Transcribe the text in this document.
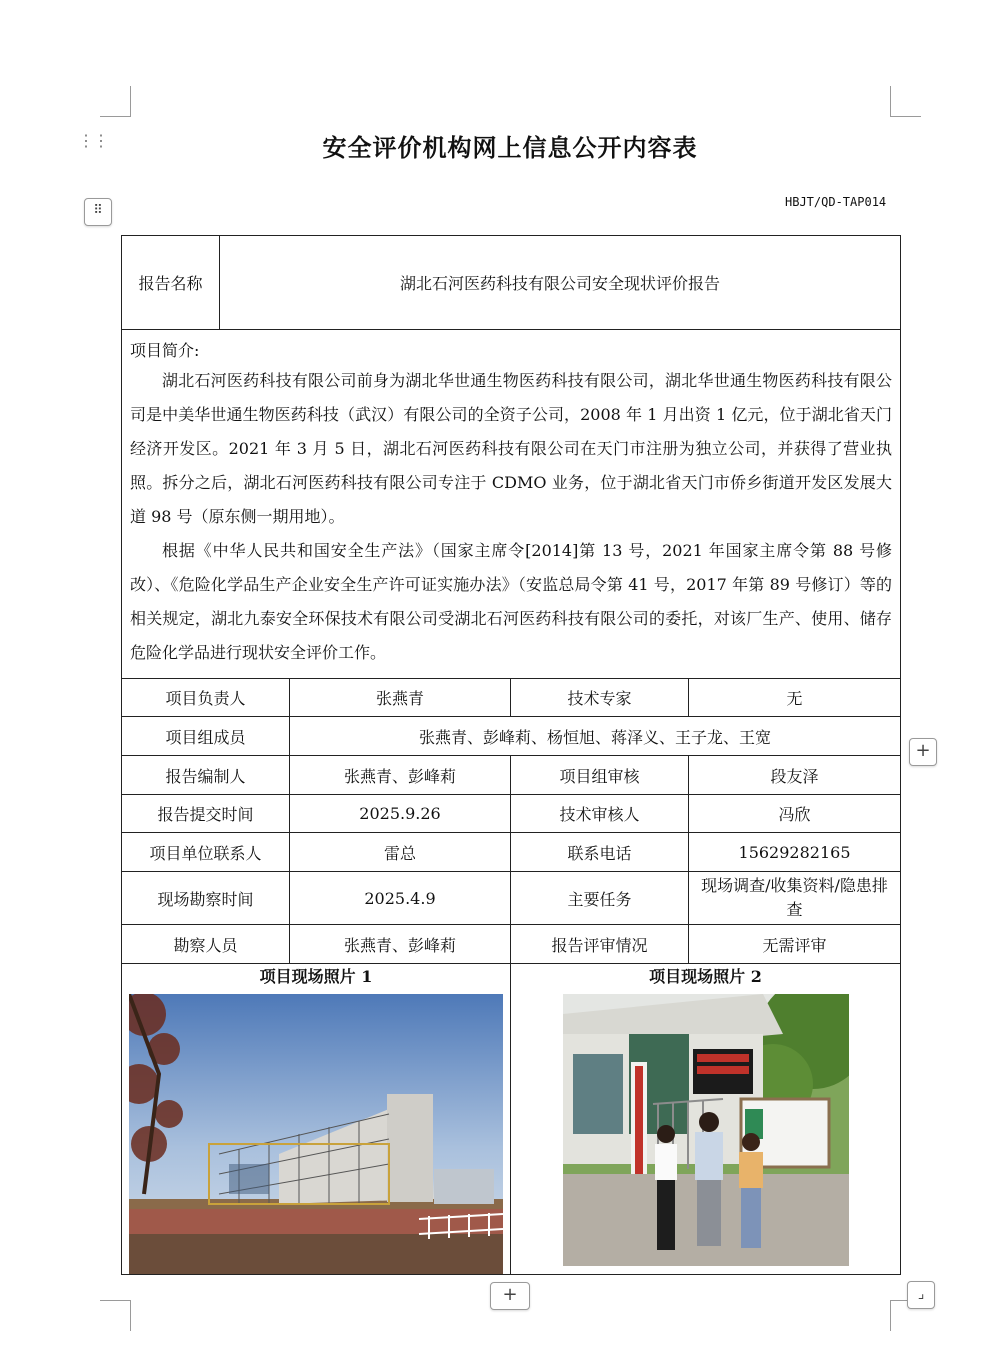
⋮⋮
⠿
+
+	⌟
安全评价机构网上信息公开内容表
HBJT/QD-TAP014
报告名称	湖北石河医药科技有限公司安全现状评价报告			

项目简介:

湖北石河医药科技有限公司前身为湖北华世通生物医药科技有限公司，湖北华世通生物医药科技有限公司是中美华世通生物医药科技（武汉）有限公司的全资子公司，2008 年 1 月出资 1 亿元，位于湖北省天门经济开发区。2021 年 3 月 5 日，湖北石河医药科技有限公司在天门市注册为独立公司，并获得了营业执照。拆分之后，湖北石河医药科技有限公司专注于 CDMO 业务，位于湖北省天门市侨乡街道开发区发展大道 98 号（原东侧一期用地）。

根据《中华人民共和国安全生产法》（国家主席令[2014]第 13 号，2021 年国家主席令第 88 号修改）、《危险化学品生产企业安全生产许可证实施办法》（安监总局令第 41 号，2017 年第 89 号修订）等的相关规定，湖北九泰安全环保技术有限公司受湖北石河医药科技有限公司的委托，对该厂生产、使用、储存危险化学品进行现状安全评价工作。				

项目负责人		张燕青	技术专家	无
项目组成员		张燕青、彭峰莉、杨恒旭、蒋泽义、王子龙、王宽		
报告编制人		张燕青、彭峰莉	项目组审核	段友泽
报告提交时间		2025.9.26	技术审核人	冯欣
项目单位联系人		雷总	联系电话	15629282165
现场勘察时间		2025.4.9	主要任务	现场调查/收集资料/隐患排查
勘察人员		张燕青、彭峰莉	报告评审情况	无需评审

项目现场照片 1			项目现场照片 2	
